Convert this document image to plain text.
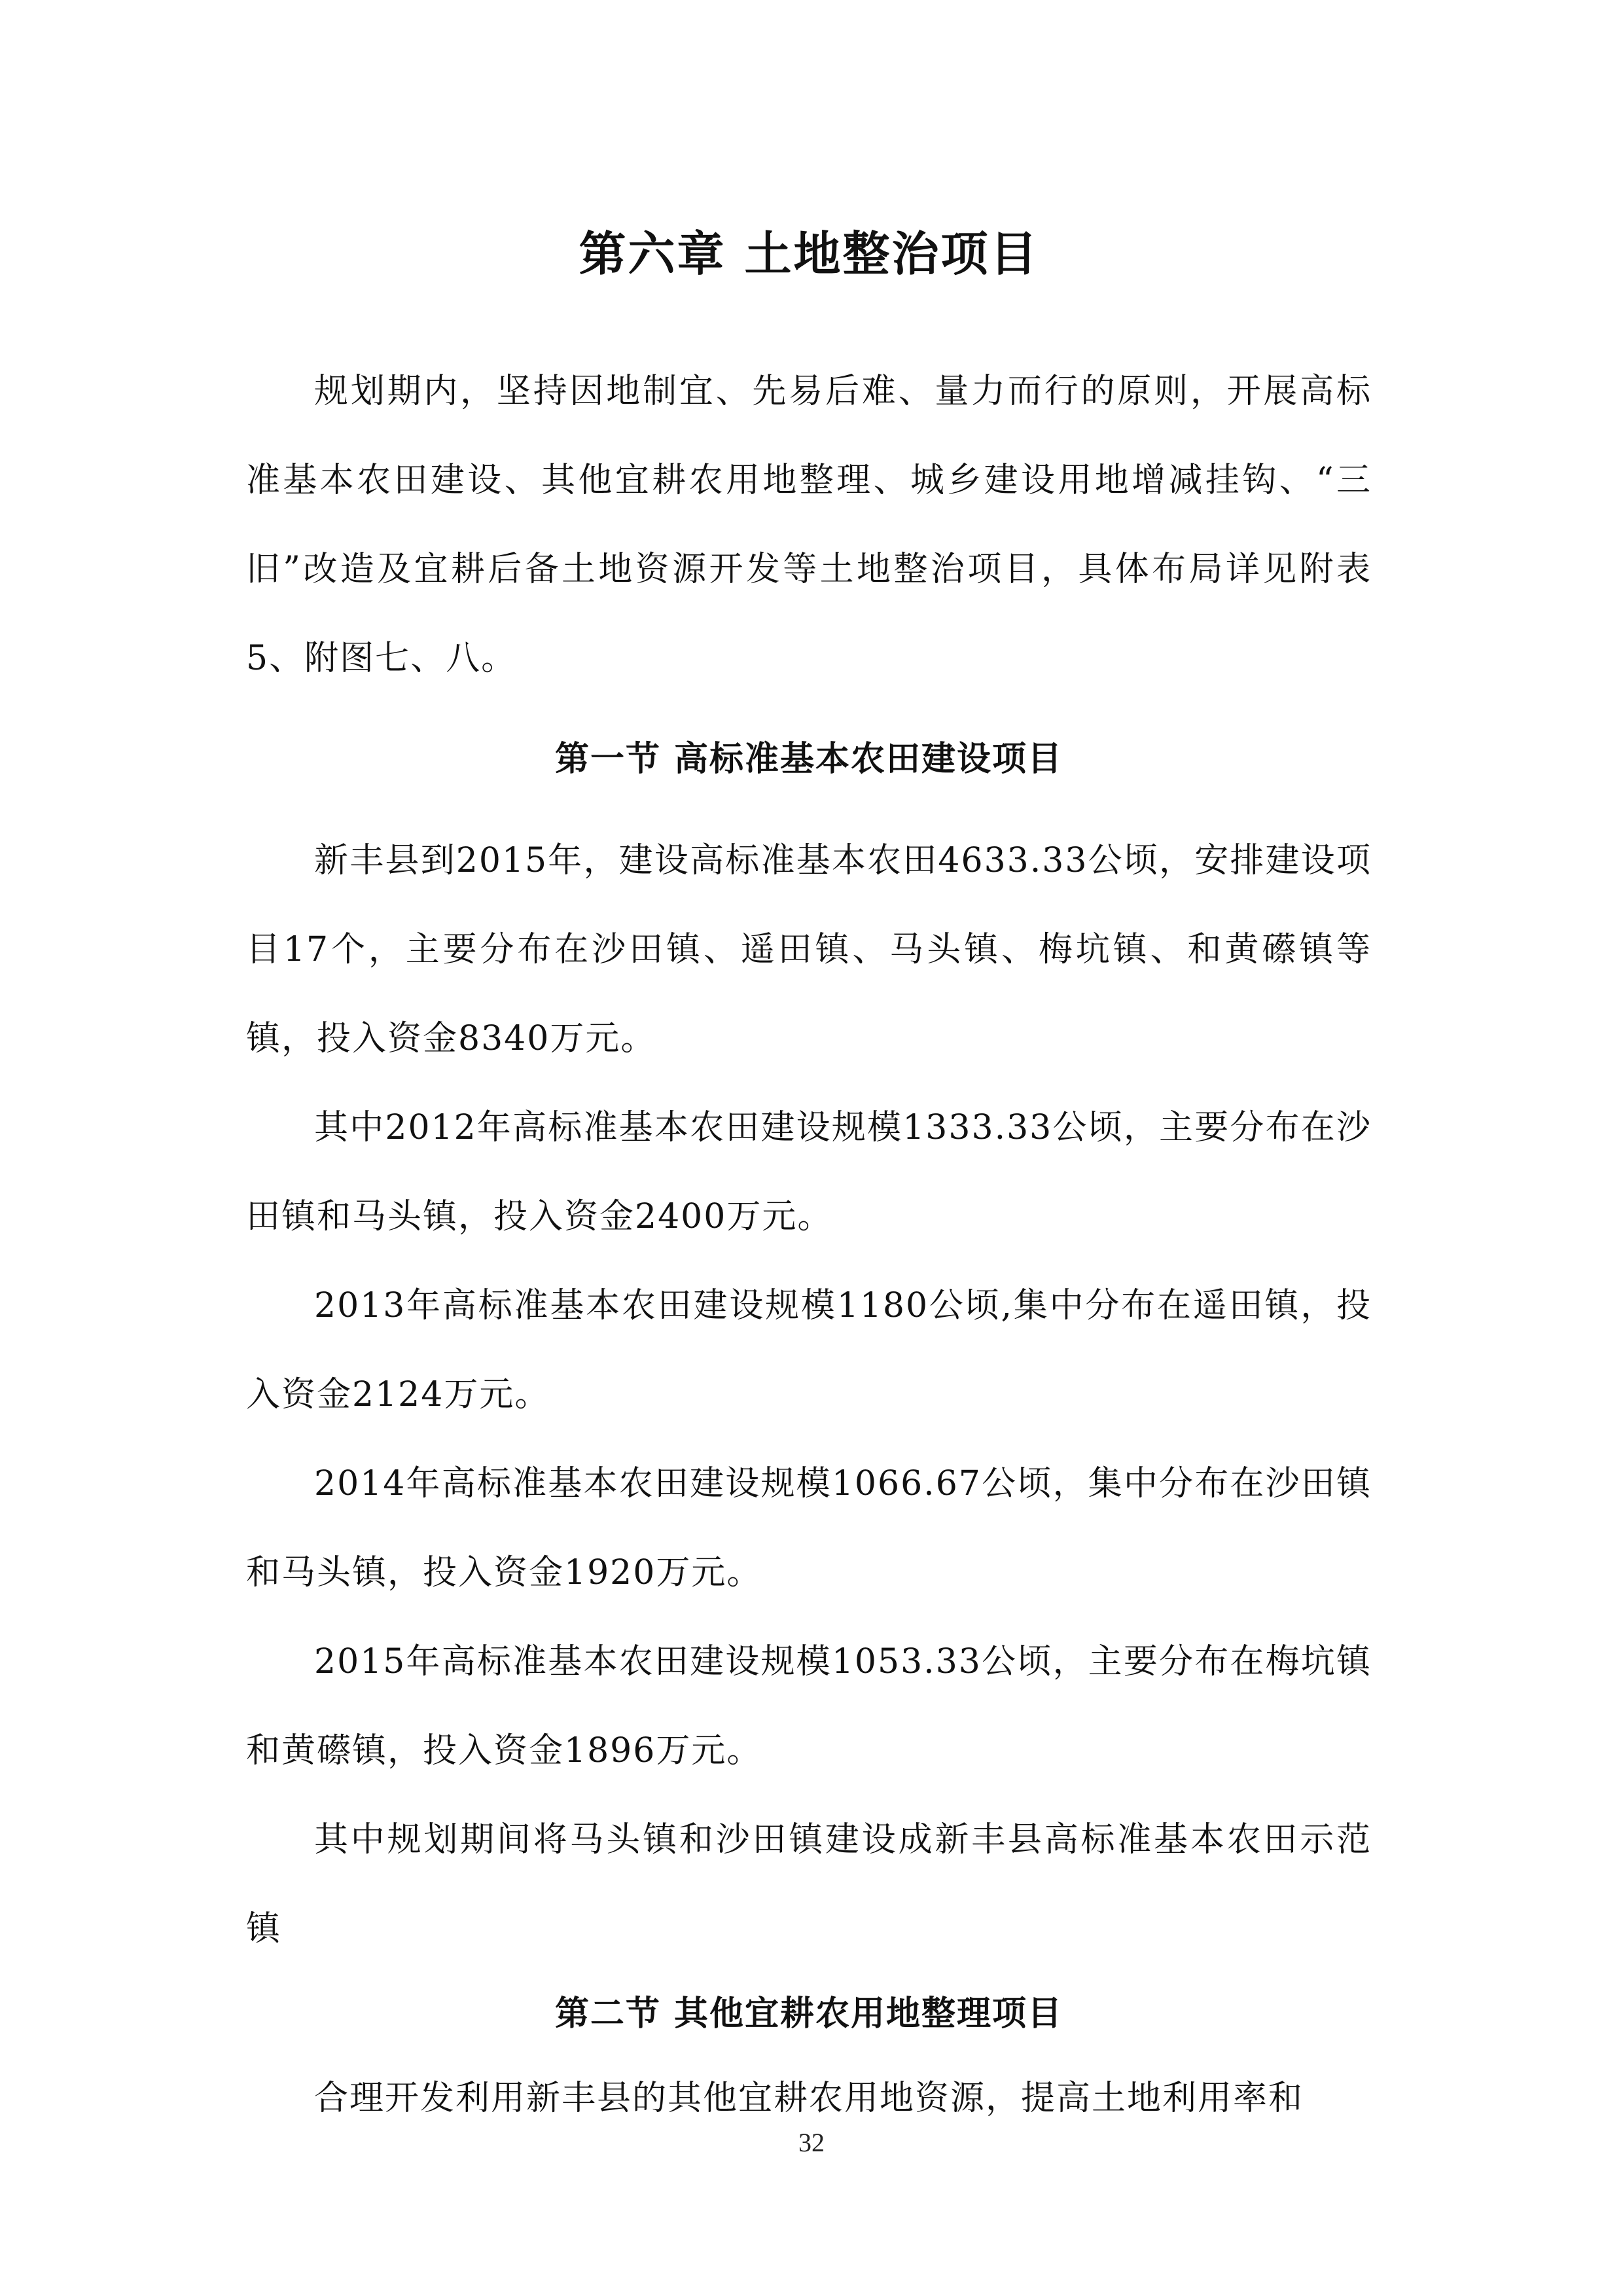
第六章 土地整治项目

规划期内，坚持因地制宜、先易后难、量力而行的原则，开展高标准基本农田建设、其他宜耕农用地整理、城乡建设用地增减挂钩、“三旧”改造及宜耕后备土地资源开发等土地整治项目，具体布局详见附表5、附图七、八。

第一节 高标准基本农田建设项目

新丰县到2015年，建设高标准基本农田4633.33公顷，安排建设项目17个，主要分布在沙田镇、遥田镇、马头镇、梅坑镇、和黄礤镇等镇，投入资金8340万元。

其中2012年高标准基本农田建设规模1333.33公顷，主要分布在沙田镇和马头镇，投入资金2400万元。

2013年高标准基本农田建设规模1180公顷,集中分布在遥田镇，投入资金2124万元。

2014年高标准基本农田建设规模1066.67公顷，集中分布在沙田镇和马头镇，投入资金1920万元。

2015年高标准基本农田建设规模1053.33公顷，主要分布在梅坑镇和黄礤镇，投入资金1896万元。

其中规划期间将马头镇和沙田镇建设成新丰县高标准基本农田示范镇

第二节 其他宜耕农用地整理项目

合理开发利用新丰县的其他宜耕农用地资源，提高土地利用率和

32
